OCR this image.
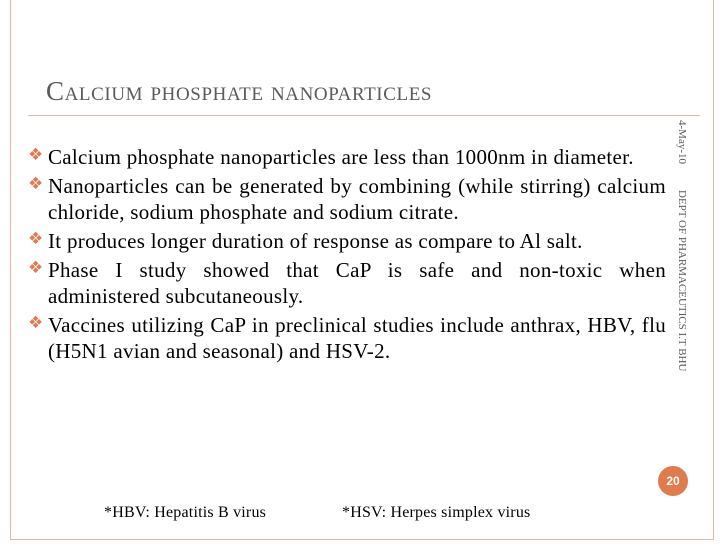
Calcium phosphate nanoparticles
❖ Calcium phosphate nanoparticles are less than 1000nm in diameter.
❖ Nanoparticles can be generated by combining (while stirring) calcium chloride, sodium phosphate and sodium citrate.
❖ It produces longer duration of response as compare to Al salt.
❖ Phase I study showed that CaP is safe and non-toxic when administered subcutaneously.
❖ Vaccines utilizing CaP in preclinical studies include anthrax, HBV, flu (H5N1 avian and seasonal) and HSV-2.
*HBV: Hepatitis B virus	*HSV: Herpes simplex virus
4-May-10
DEPT OF PHARMACEUTICS I.T BHU
20
